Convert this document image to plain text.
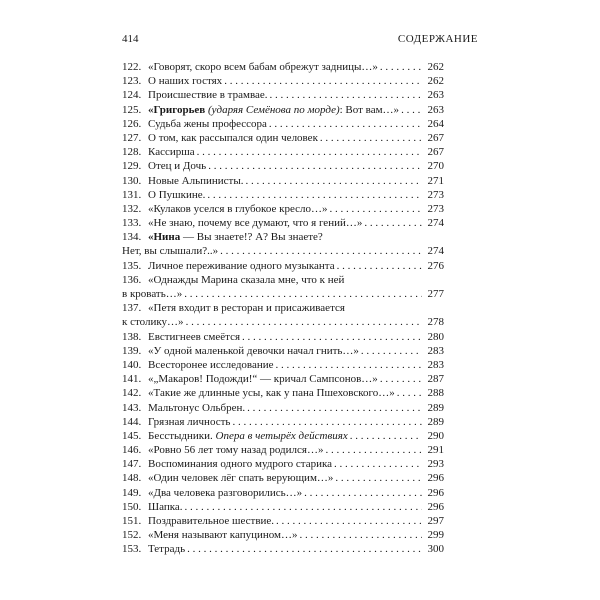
414	СОДЕРЖАНИЕ
122. «Говорят, скоро всем бабам обрежут задницы…» . . .	262
123. О наших гостях . . .	262
124. Происшествие в трамвае. . . .	263
125. «Григорьев (ударяя Семёнова по морде): Вот вам…» . . .	263
126. Судьба жены профессора . . .	264
127. О том, как рассыпался один человек . . .	267
128. Кассирша . . .	267
129. Отец и Дочь . . .	270
130. Новые Альпинисты. . . .	271
131. О Пушкине. . . .	273
132. «Кулаков уселся в глубокое кресло…» . . .	273
133. «Не знаю, почему все думают, что я гений…» . . .	274
134. «Нина — Вы знаете!? А? Вы знаете?
Нет, вы слышали?..» . . .	274
135. Личное переживание одного музыканта . . .	276
136. «Однажды Марина сказала мне, что к ней
в кровать…» . . .	277
137. «Петя входит в ресторан и присаживается
к столику…» . . .	278
138. Евстигнеев смеётся . . .	280
139. «У одной маленькой девочки начал гнить…» . . .	283
140. Всесторонее исследование . . .	283
141. «„Макаров! Подожди!“ — кричал Сампсонов…» . . .	287
142. «Такие же длинные усы, как у пана Пшеховского…» . . .	288
143. Мальтонус Ольбрен. . . .	289
144. Грязная личность . . .	289
145. Бесстыдники. Опера в четырёх действиях . . .	290
146. «Ровно 56 лет тому назад родился…» . . .	291
147. Воспоминания одного мудрого старика . . .	293
148. «Один человек лёг спать верующим…» . . .	296
149. «Два человека разговорились…» . . .	296
150. Шапка. . . .	296
151. Поздравительное шествие. . . .	297
152. «Меня называют капуцином…» . . .	299
153. Тетрадь . . .	300
